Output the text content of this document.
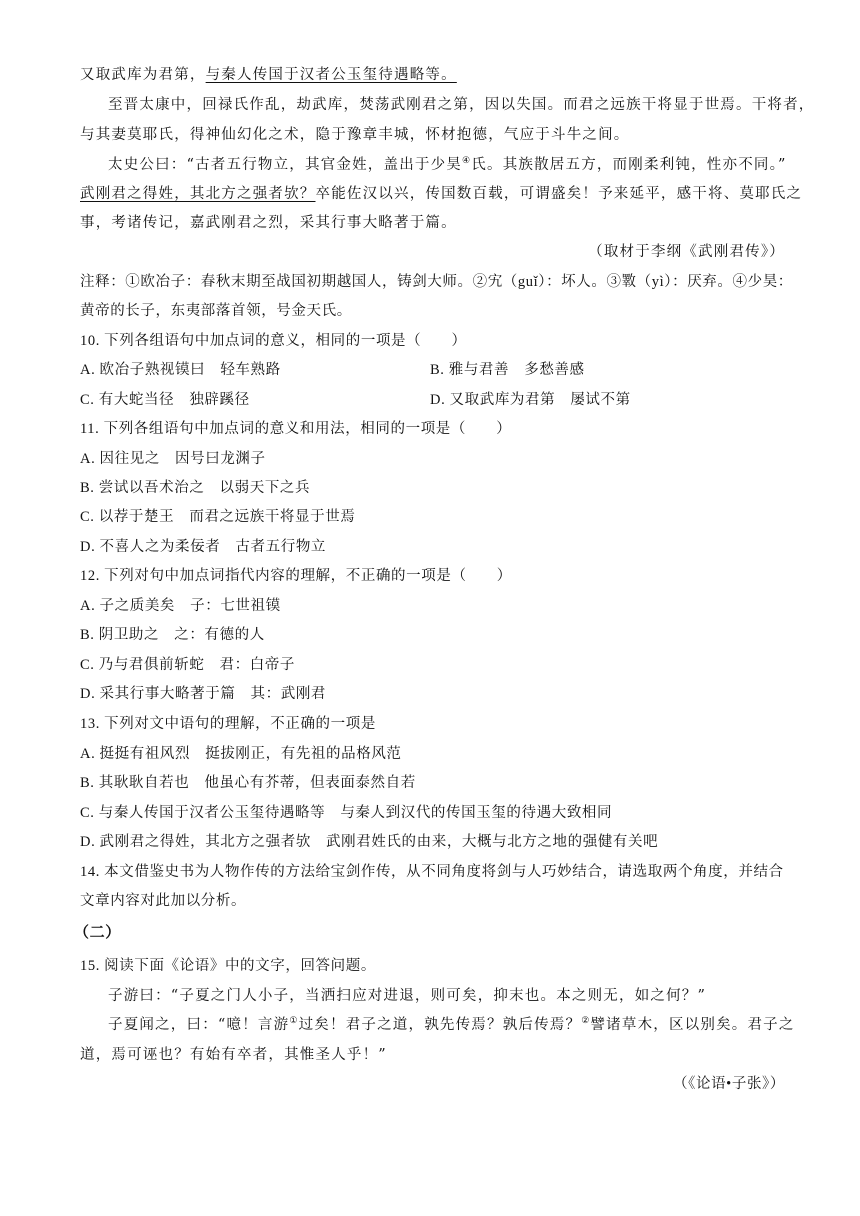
又取武库为君第，与秦人传国于汉者公玉玺待遇略等。
至晋太康中，回禄氏作乱，劫武库，焚荡武刚君之第，因以失国。而君之远族干将显于世焉。干将者，
与其妻莫耶氏，得神仙幻化之术，隐于豫章丰城，怀材抱德，气应于斗牛之间。
太史公曰：“古者五行物立，其官金姓，盖出于少昊④氏。其族散居五方，而刚柔利钝，性亦不同。”
武刚君之得姓，其北方之强者欤？卒能佐汉以兴，传国数百载，可谓盛矣！予来延平，感干将、莫耶氏之
事，考诸传记，嘉武刚君之烈，采其行事大略著于篇。
（取材于李纲《武刚君传》）
注释：①欧冶子：春秋末期至战国初期越国人，铸剑大师。②宄（guǐ）：坏人。③斁（yì）：厌弃。④少昊：
黄帝的长子，东夷部落首领，号金天氏。
10. 下列各组语句中加点词的意义，相同的一项是（　　）
A. 欧冶子熟视镆曰　轻车熟路	B. 雅与君善　多愁善感
C. 有大蛇当径　独辟蹊径	D. 又取武库为君第　屡试不第
11. 下列各组语句中加点词的意义和用法，相同的一项是（　　）
A. 因往见之　因号曰龙渊子
B. 尝试以吾术治之　以弱天下之兵
C. 以荐于楚王　而君之远族干将显于世焉
D. 不喜人之为柔佞者　古者五行物立
12. 下列对句中加点词指代内容的理解，不正确的一项是（　　）
A. 子之质美矣　子：七世祖镆
B. 阴卫助之　之：有德的人
C. 乃与君俱前斩蛇　君：白帝子
D. 采其行事大略著于篇　其：武刚君
13. 下列对文中语句的理解，不正确的一项是
A. 挺挺有祖风烈　挺拔刚正，有先祖的品格风范
B. 其耿耿自若也　他虽心有芥蒂，但表面泰然自若
C. 与秦人传国于汉者公玉玺待遇略等　与秦人到汉代的传国玉玺的待遇大致相同
D. 武刚君之得姓，其北方之强者欤　武刚君姓氏的由来，大概与北方之地的强健有关吧
14. 本文借鉴史书为人物作传的方法给宝剑作传，从不同角度将剑与人巧妙结合，请选取两个角度，并结合
文章内容对此加以分析。
（二）
15. 阅读下面《论语》中的文字，回答问题。
子游曰：“子夏之门人小子，当洒扫应对进退，则可矣，抑末也。本之则无，如之何？”
子夏闻之，曰：“噫！言游①过矣！君子之道，孰先传焉？孰后传焉？②譬诸草木，区以别矣。君子之
道，焉可诬也？有始有卒者，其惟圣人乎！”
（《论语•子张》）
